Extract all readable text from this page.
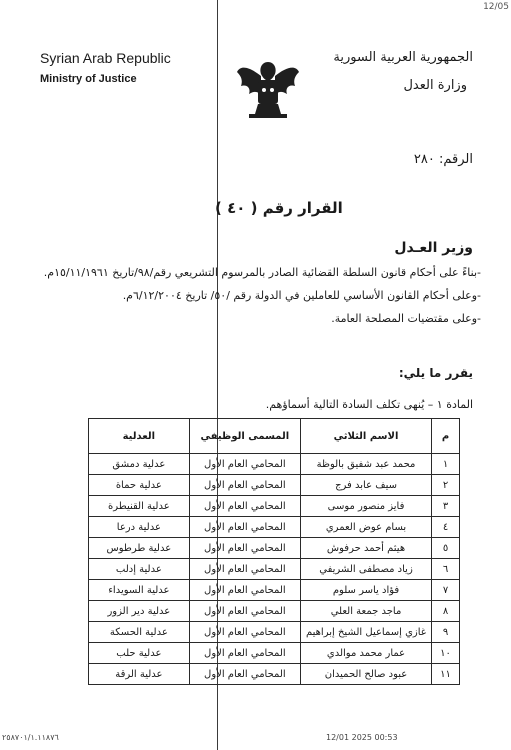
12/05
Syrian Arab Republic
Ministry of Justice
الجمهورية العربية السورية
وزارة العدل
الرقم: ٢٨٠
القرار رقم ( ٤٠ )
وزير العـدل
-بناءً على أحكام قانون السلطة القضائية الصادر بالمرسوم التشريعي رقم/٩٨/تاريخ ١٥/١١/١٩٦١م.
-وعلى أحكام القانون الأساسي للعاملين في الدولة رقم /٥٠/ تاريخ ٦/١٢/٢٠٠٤م.
-وعلى مقتضيات المصلحة العامة.
يقرر ما يلي:
المادة ١ – يُنهى تكلف السادة التالية أسماؤهم.
م	الاسم الثلاثي	المسمى الوظيفي	العدلية
١	محمد عبد شفيق بالوظة	المحامي العام الأول	عدلية دمشق
٢	سيف عابد فرج	المحامي العام الأول	عدلية حماة
٣	فايز منصور موسى	المحامي العام الأول	عدلية القنيطرة
٤	بسام عوض العمري	المحامي العام الأول	عدلية درعا
٥	هيثم أحمد حرفوش	المحامي العام الأول	عدلية طرطوس
٦	زياد مصطفى الشريفي	المحامي العام الأول	عدلية إدلب
٧	فؤاد ياسر سلوم	المحامي العام الأول	عدلية السويداء
٨	ماجد جمعة العلي	المحامي العام الأول	عدلية دير الزور
٩	غازي إسماعيل الشيخ إبراهيم	المحامي العام الأول	عدلية الحسكة
١٠	عمار محمد موالدي	المحامي العام الأول	عدلية حلب
١١	عبود صالح الحميدان	المحامي العام الأول	عدلية الرقة
٢٥٨٧٠١/١.١١٨٧٦	12/01 2025 00:53
